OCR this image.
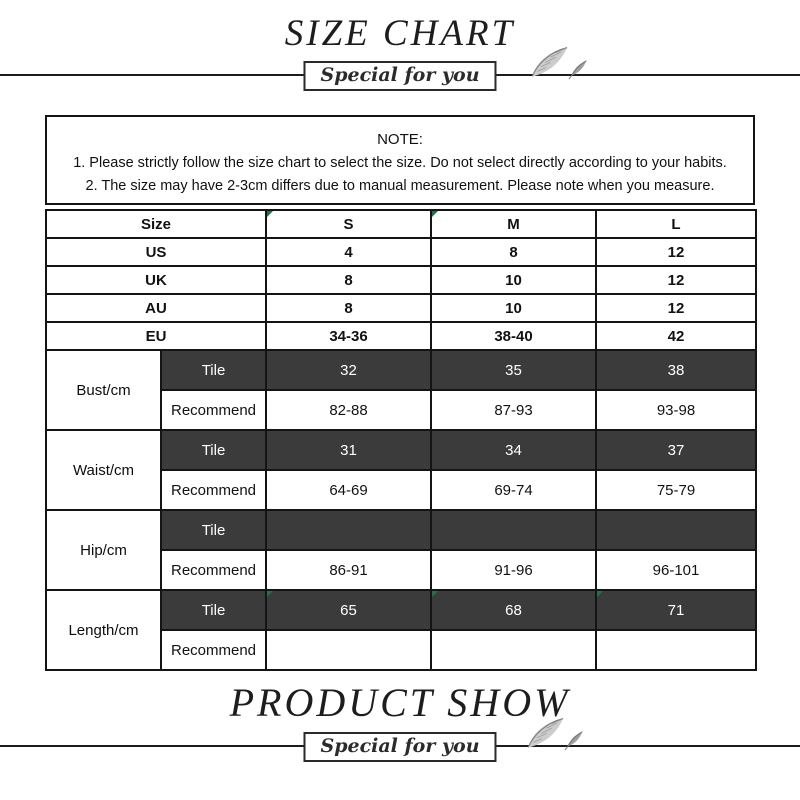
SIZE CHART
Special for you
NOTE:
1. Please strictly follow the size chart to select the size. Do not select directly according to your habits.
2. The size may have 2-3cm differs due to manual measurement. Please note when you measure.
Size		S	M	L
US		4	8	12
UK		8	10	12
AU		8	10	12
EU		34-36	38-40	42
Bust/cm	Tile	32	35	38
	Recommend	82-88	87-93	93-98
Waist/cm	Tile	31	34	37
	Recommend	64-69	69-74	75-79
Hip/cm	Tile			
	Recommend	86-91	91-96	96-101
Length/cm	Tile	65	68	71
	Recommend			
PRODUCT SHOW
Special for you
